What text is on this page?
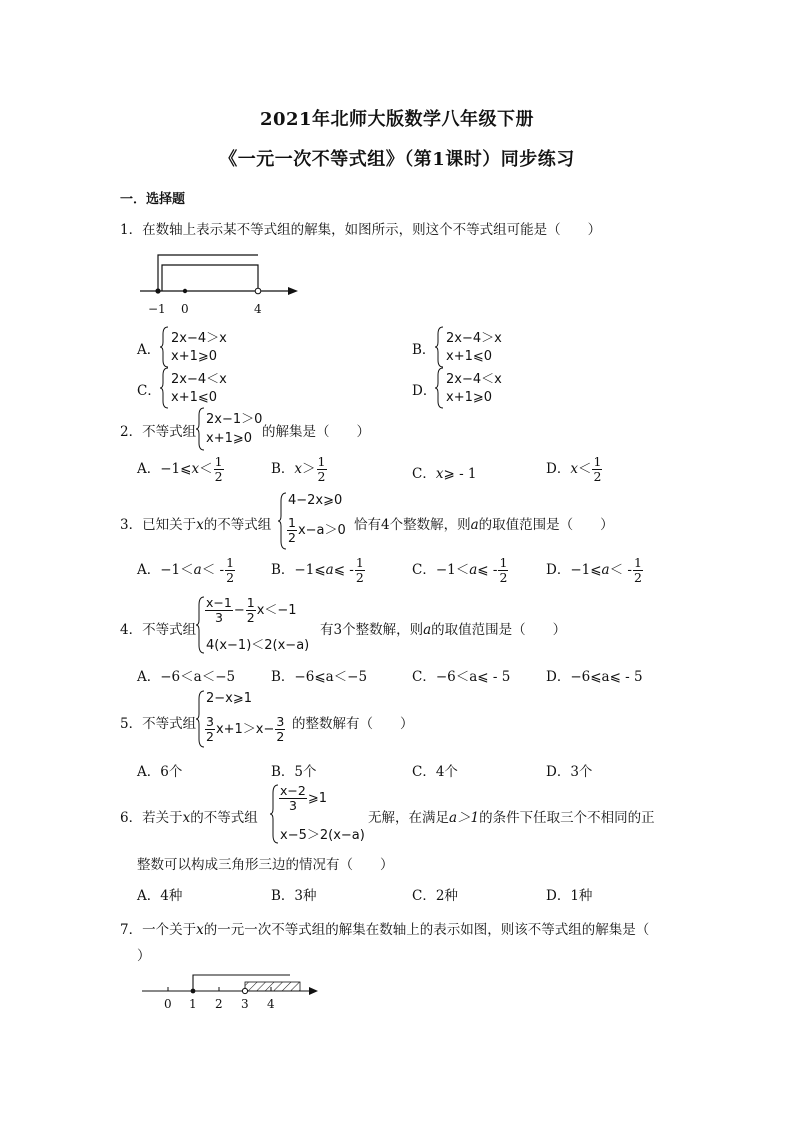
2021年北师大版数学八年级下册
《一元一次不等式组》（第1课时）同步练习
一．选择题
1．在数轴上表示某不等式组的解集，如图所示，则这个不等式组可能是（　　）
−1 0	4
A．
2x−4＞x
x+1⩾0	B．
2x−4＞x
x+1⩽0
C．
2x−4＜x
x+1⩽0	D．
2x−4＜x
x+1⩾0
2．不等式组
2x−1＞0
x+1⩾0 的解集是（　　）
A．−1⩽x＜ $\frac{1}{2}$	B．$x> \frac{1}{2}$	C．x⩾ - 1	D．$x< \frac{1}{2}$
3．已知关于x的不等式组
4−2x⩾0
$\frac{1}{2} x-a>0$ 恰有4个整数解，则a的取值范围是（　　）
A．$-1<a< - \frac{1}{2}$	B．−1⩽a⩽ - $\frac{1}{2}$	C．−1＜a⩽ - $\frac{1}{2}$	D．−1⩽a＜ - $\frac{1}{2}$
4．不等式组
$\frac{x-1}{3} - \frac{1}{2} x<-1$
4(x−1)＜2(x−a)
有3个整数解，则a的取值范围是（　　）
A．−6＜a＜−5	B．−6⩽a＜−5	C．−6＜a⩽ - 5	D．−6⩽a⩽ - 5
5．不等式组
2−x⩾1
$\frac{3}{2} x+1>x- \frac{3}{2}$ 的整数解有（　　）
A．6个	B．5个	C．4个	D．3个
6．若关于x的不等式组
$\frac{x-2}{3}$ ⩾1
x−5＞2(x−a)
无解，在满足a＞1的条件下任取三个不相同的正
整数可以构成三角形三边的情况有（　　）
A．4种	B．3种	C．2种	D．1种
7．一个关于x的一元一次不等式组的解集在数轴上的表示如图，则该不等式组的解集是（
）
0 1 2 3 4
